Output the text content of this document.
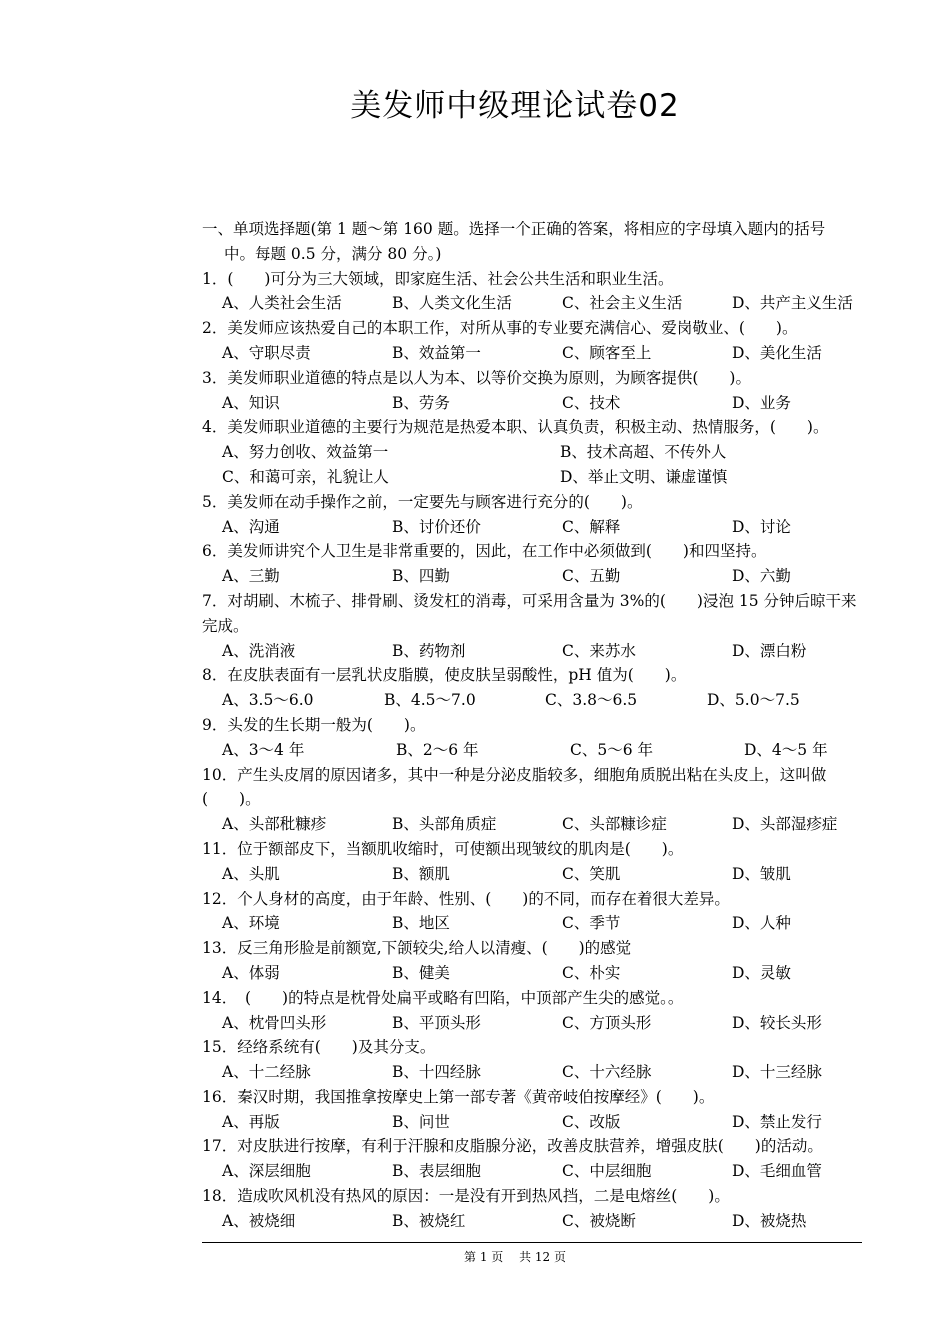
美发师中级理论试卷02
一、单项选择题(第 1 题～第 160 题。选择一个正确的答案，将相应的字母填入题内的括号
中。每题 0.5 分，满分 80 分。)
1．(　　)可分为三大领域，即家庭生活、社会公共生活和职业生活。
A、人类社会生活	B、人类文化生活	C、社会主义生活	D、共产主义生活
2．美发师应该热爱自己的本职工作，对所从事的专业要充满信心、爱岗敬业、(　　)。
A、守职尽责	B、效益第一	C、顾客至上	D、美化生活
3．美发师职业道德的特点是以人为本、以等价交换为原则，为顾客提供(　　)。
A、知识	B、劳务	C、技术	D、业务
4．美发师职业道德的主要行为规范是热爱本职、认真负责，积极主动、热情服务，(　　)。
A、努力创收、效益第一	B、技术高超、不传外人
C、和蔼可亲，礼貌让人	D、举止文明、谦虚谨慎
5．美发师在动手操作之前，一定要先与顾客进行充分的(　　)。
A、沟通	B、讨价还价	C、解释	D、讨论
6．美发师讲究个人卫生是非常重要的，因此，在工作中必须做到(　　)和四坚持。
A、三勤	B、四勤	C、五勤	D、六勤
7．对胡刷、木梳子、排骨刷、烫发杠的消毒，可采用含量为 3%的(　　)浸泡 15 分钟后晾干来完成。
A、洗消液	B、药物剂	C、来苏水	D、漂白粉
8．在皮肤表面有一层乳状皮脂膜，使皮肤呈弱酸性，pH 值为(　　)。
A、3.5～6.0	B、4.5～7.0	C、3.8～6.5	D、5.0～7.5
9．头发的生长期一般为(　　)。
A、3～4 年	B、2～6 年	C、5～6 年	D、4～5 年
10．产生头皮屑的原因诸多，其中一种是分泌皮脂较多，细胞角质脱出粘在头皮上，这叫做(　　)。
A、头部秕糠疹	B、头部角质症	C、头部糠诊症	D、头部湿疹症
11．位于额部皮下，当额肌收缩时，可使额出现皱纹的肌肉是(　　)。
A、头肌	B、额肌	C、笑肌	D、皱肌
12．个人身材的高度，由于年龄、性别、(　　)的不同，而存在着很大差异。
A、环境	B、地区	C、季节	D、人种
13．反三角形脸是前额宽,下颌较尖,给人以清瘦、(　　)的感觉
A、体弱	B、健美	C、朴实	D、灵敏
14．　(　　)的特点是枕骨处扁平或略有凹陷，中顶部产生尖的感觉。。
A、枕骨凹头形	B、平顶头形	C、方顶头形	D、较长头形
15．经络系统有(　　)及其分支。
A、十二经脉	B、十四经脉	C、十六经脉	D、十三经脉
16．秦汉时期，我国推拿按摩史上第一部专著《黄帝岐伯按摩经》(　　)。
A、再版	B、问世	C、改版	D、禁止发行
17．对皮肤进行按摩，有利于汗腺和皮脂腺分泌，改善皮肤营养，增强皮肤(　　)的活动。
A、深层细胞	B、表层细胞	C、中层细胞	D、毛细血管
18．造成吹风机没有热风的原因：一是没有开到热风挡，二是电熔丝(　　)。
A、被烧细	B、被烧红	C、被烧断	D、被烧热
第 1 页 共 12 页
